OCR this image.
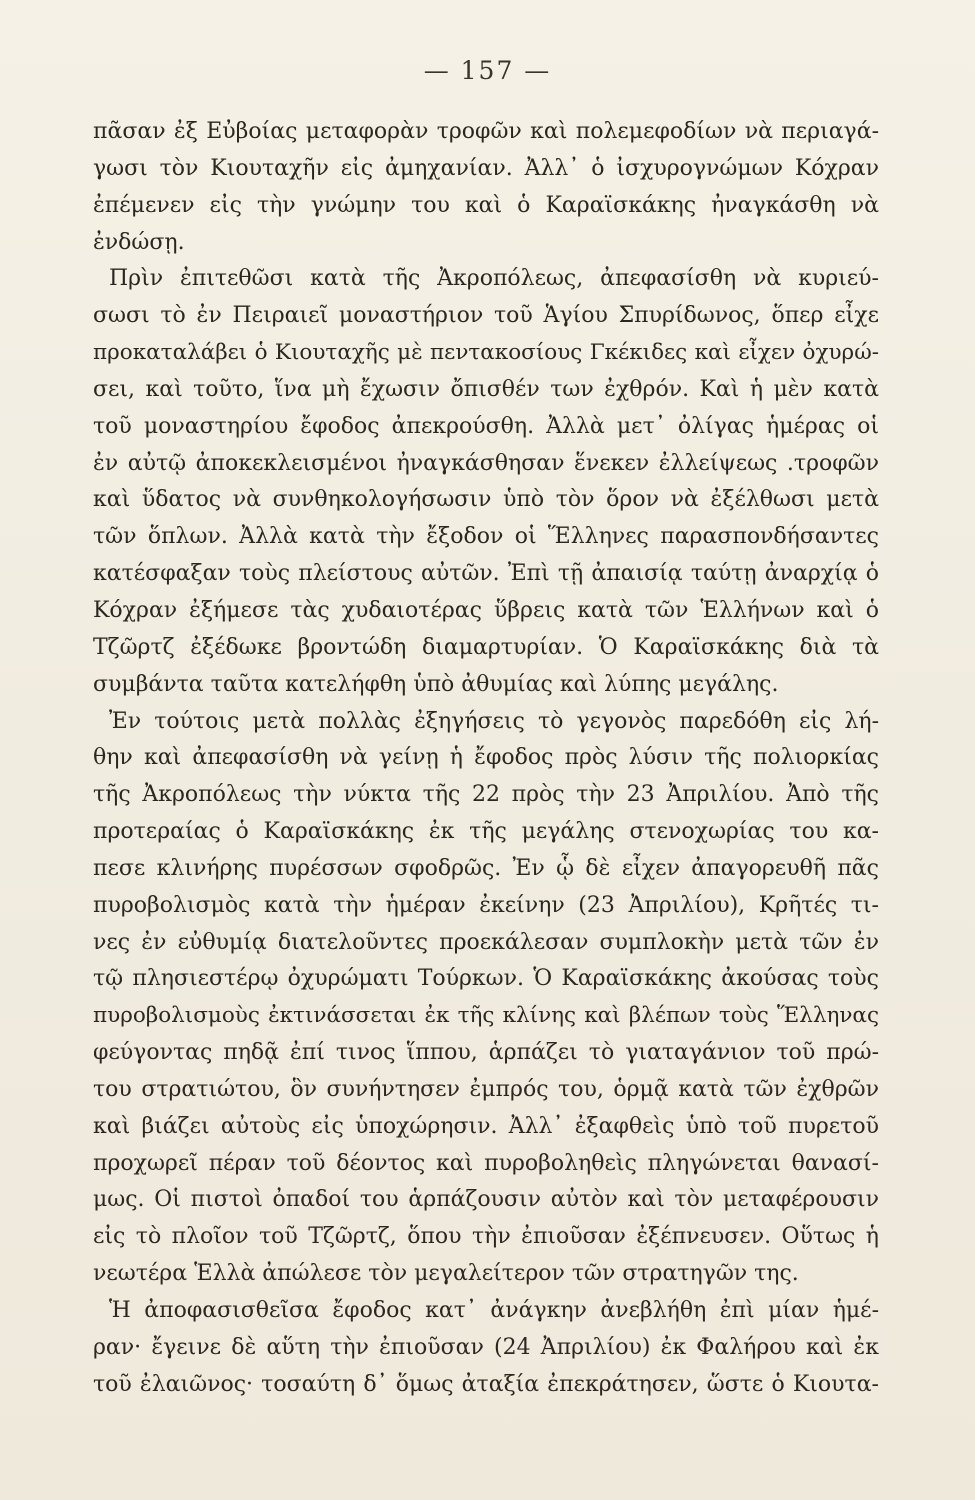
— 157 —
πᾶσαν ἐξ Εὐβοίας μεταφορὰν τροφῶν καὶ πολεμεφοδίων νὰ περιαγά-
γωσι τὸν Κιουταχῆν εἰς ἀμηχανίαν. Ἀλλ᾽ ὁ ἰσχυρογνώμων Κόχραν
ἐπέμενεν εἰς τὴν γνώμην του καὶ ὁ Καραϊσκάκης ἠναγκάσθη νὰ
ἐνδώσῃ.
Πρὶν ἐπιτεθῶσι κατὰ τῆς Ἀκροπόλεως, ἀπεφασίσθη νὰ κυριεύ-
σωσι τὸ ἐν Πειραιεῖ μοναστήριον τοῦ Ἁγίου Σπυρίδωνος, ὅπερ εἶχε
προκαταλάβει ὁ Κιουταχῆς μὲ πεντακοσίους Γκέκιδες καὶ εἶχεν ὀχυρώ-
σει, καὶ τοῦτο, ἵνα μὴ ἔχωσιν ὄπισθέν των ἐχθρόν. Καὶ ἡ μὲν κατὰ
τοῦ μοναστηρίου ἔφοδος ἀπεκρούσθη. Ἀλλὰ μετ᾽ ὀλίγας ἡμέρας οἱ
ἐν αὐτῷ ἀποκεκλεισμένοι ἠναγκάσθησαν ἕνεκεν ἐλλείψεως .τροφῶν
καὶ ὕδατος νὰ συνθηκολογήσωσιν ὑπὸ τὸν ὅρον νὰ ἐξέλθωσι μετὰ
τῶν ὅπλων. Ἀλλὰ κατὰ τὴν ἔξοδον οἱ Ἕλληνες παρασπονδήσαντες
κατέσφαξαν τοὺς πλείστους αὐτῶν. Ἐπὶ τῇ ἀπαισίᾳ ταύτῃ ἀναρχίᾳ ὁ
Κόχραν ἐξήμεσε τὰς χυδαιοτέρας ὕβρεις κατὰ τῶν Ἑλλήνων καὶ ὁ
Τζῶρτζ ἐξέδωκε βροντώδη διαμαρτυρίαν. Ὁ Καραϊσκάκης διὰ τὰ
συμβάντα ταῦτα κατελήφθη ὑπὸ ἀθυμίας καὶ λύπης μεγάλης.
Ἐν τούτοις μετὰ πολλὰς ἐξηγήσεις τὸ γεγονὸς παρεδόθη εἰς λή-
θην καὶ ἀπεφασίσθη νὰ γείνῃ ἡ ἔφοδος πρὸς λύσιν τῆς πολιορκίας
τῆς Ἀκροπόλεως τὴν νύκτα τῆς 22 πρὸς τὴν 23 Ἀπριλίου. Ἀπὸ τῆς
προτεραίας ὁ Καραϊσκάκης ἐκ τῆς μεγάλης στενοχωρίας του κα-
πεσε κλινήρης πυρέσσων σφοδρῶς. Ἐν ᾧ δὲ εἶχεν ἀπαγορευθῆ πᾶς
πυροβολισμὸς κατὰ τὴν ἡμέραν ἐκείνην (23 Ἀπριλίου), Κρῆτές τι-
νες ἐν εὐθυμίᾳ διατελοῦντες προεκάλεσαν συμπλοκὴν μετὰ τῶν ἐν
τῷ πλησιεστέρῳ ὀχυρώματι Τούρκων. Ὁ Καραϊσκάκης ἀκούσας τοὺς
πυροβολισμοὺς ἐκτινάσσεται ἐκ τῆς κλίνης καὶ βλέπων τοὺς Ἕλληνας
φεύγοντας πηδᾷ ἐπί τινος ἵππου, ἁρπάζει τὸ γιαταγάνιον τοῦ πρώ-
του στρατιώτου, ὃν συνήντησεν ἐμπρός του, ὁρμᾷ κατὰ τῶν ἐχθρῶν
καὶ βιάζει αὐτοὺς εἰς ὑποχώρησιν. Ἀλλ᾽ ἐξαφθεὶς ὑπὸ τοῦ πυρετοῦ
προχωρεῖ πέραν τοῦ δέοντος καὶ πυροβοληθεὶς πληγώνεται θανασί-
μως. Οἱ πιστοὶ ὀπαδοί του ἁρπάζουσιν αὐτὸν καὶ τὸν μεταφέρουσιν
εἰς τὸ πλοῖον τοῦ Τζῶρτζ, ὅπου τὴν ἐπιοῦσαν ἐξέπνευσεν. Οὕτως ἡ
νεωτέρα Ἑλλὰ ἀπώλεσε τὸν μεγαλείτερον τῶν στρατηγῶν της.
Ἡ ἀποφασισθεῖσα ἔφοδος κατ᾽ ἀνάγκην ἀνεβλήθη ἐπὶ μίαν ἡμέ-
ραν· ἔγεινε δὲ αὕτη τὴν ἐπιοῦσαν (24 Ἀπριλίου) ἐκ Φαλήρου καὶ ἐκ
τοῦ ἐλαιῶνος· τοσαύτη δ᾽ ὅμως ἀταξία ἐπεκράτησεν, ὥστε ὁ Κιουτα-
